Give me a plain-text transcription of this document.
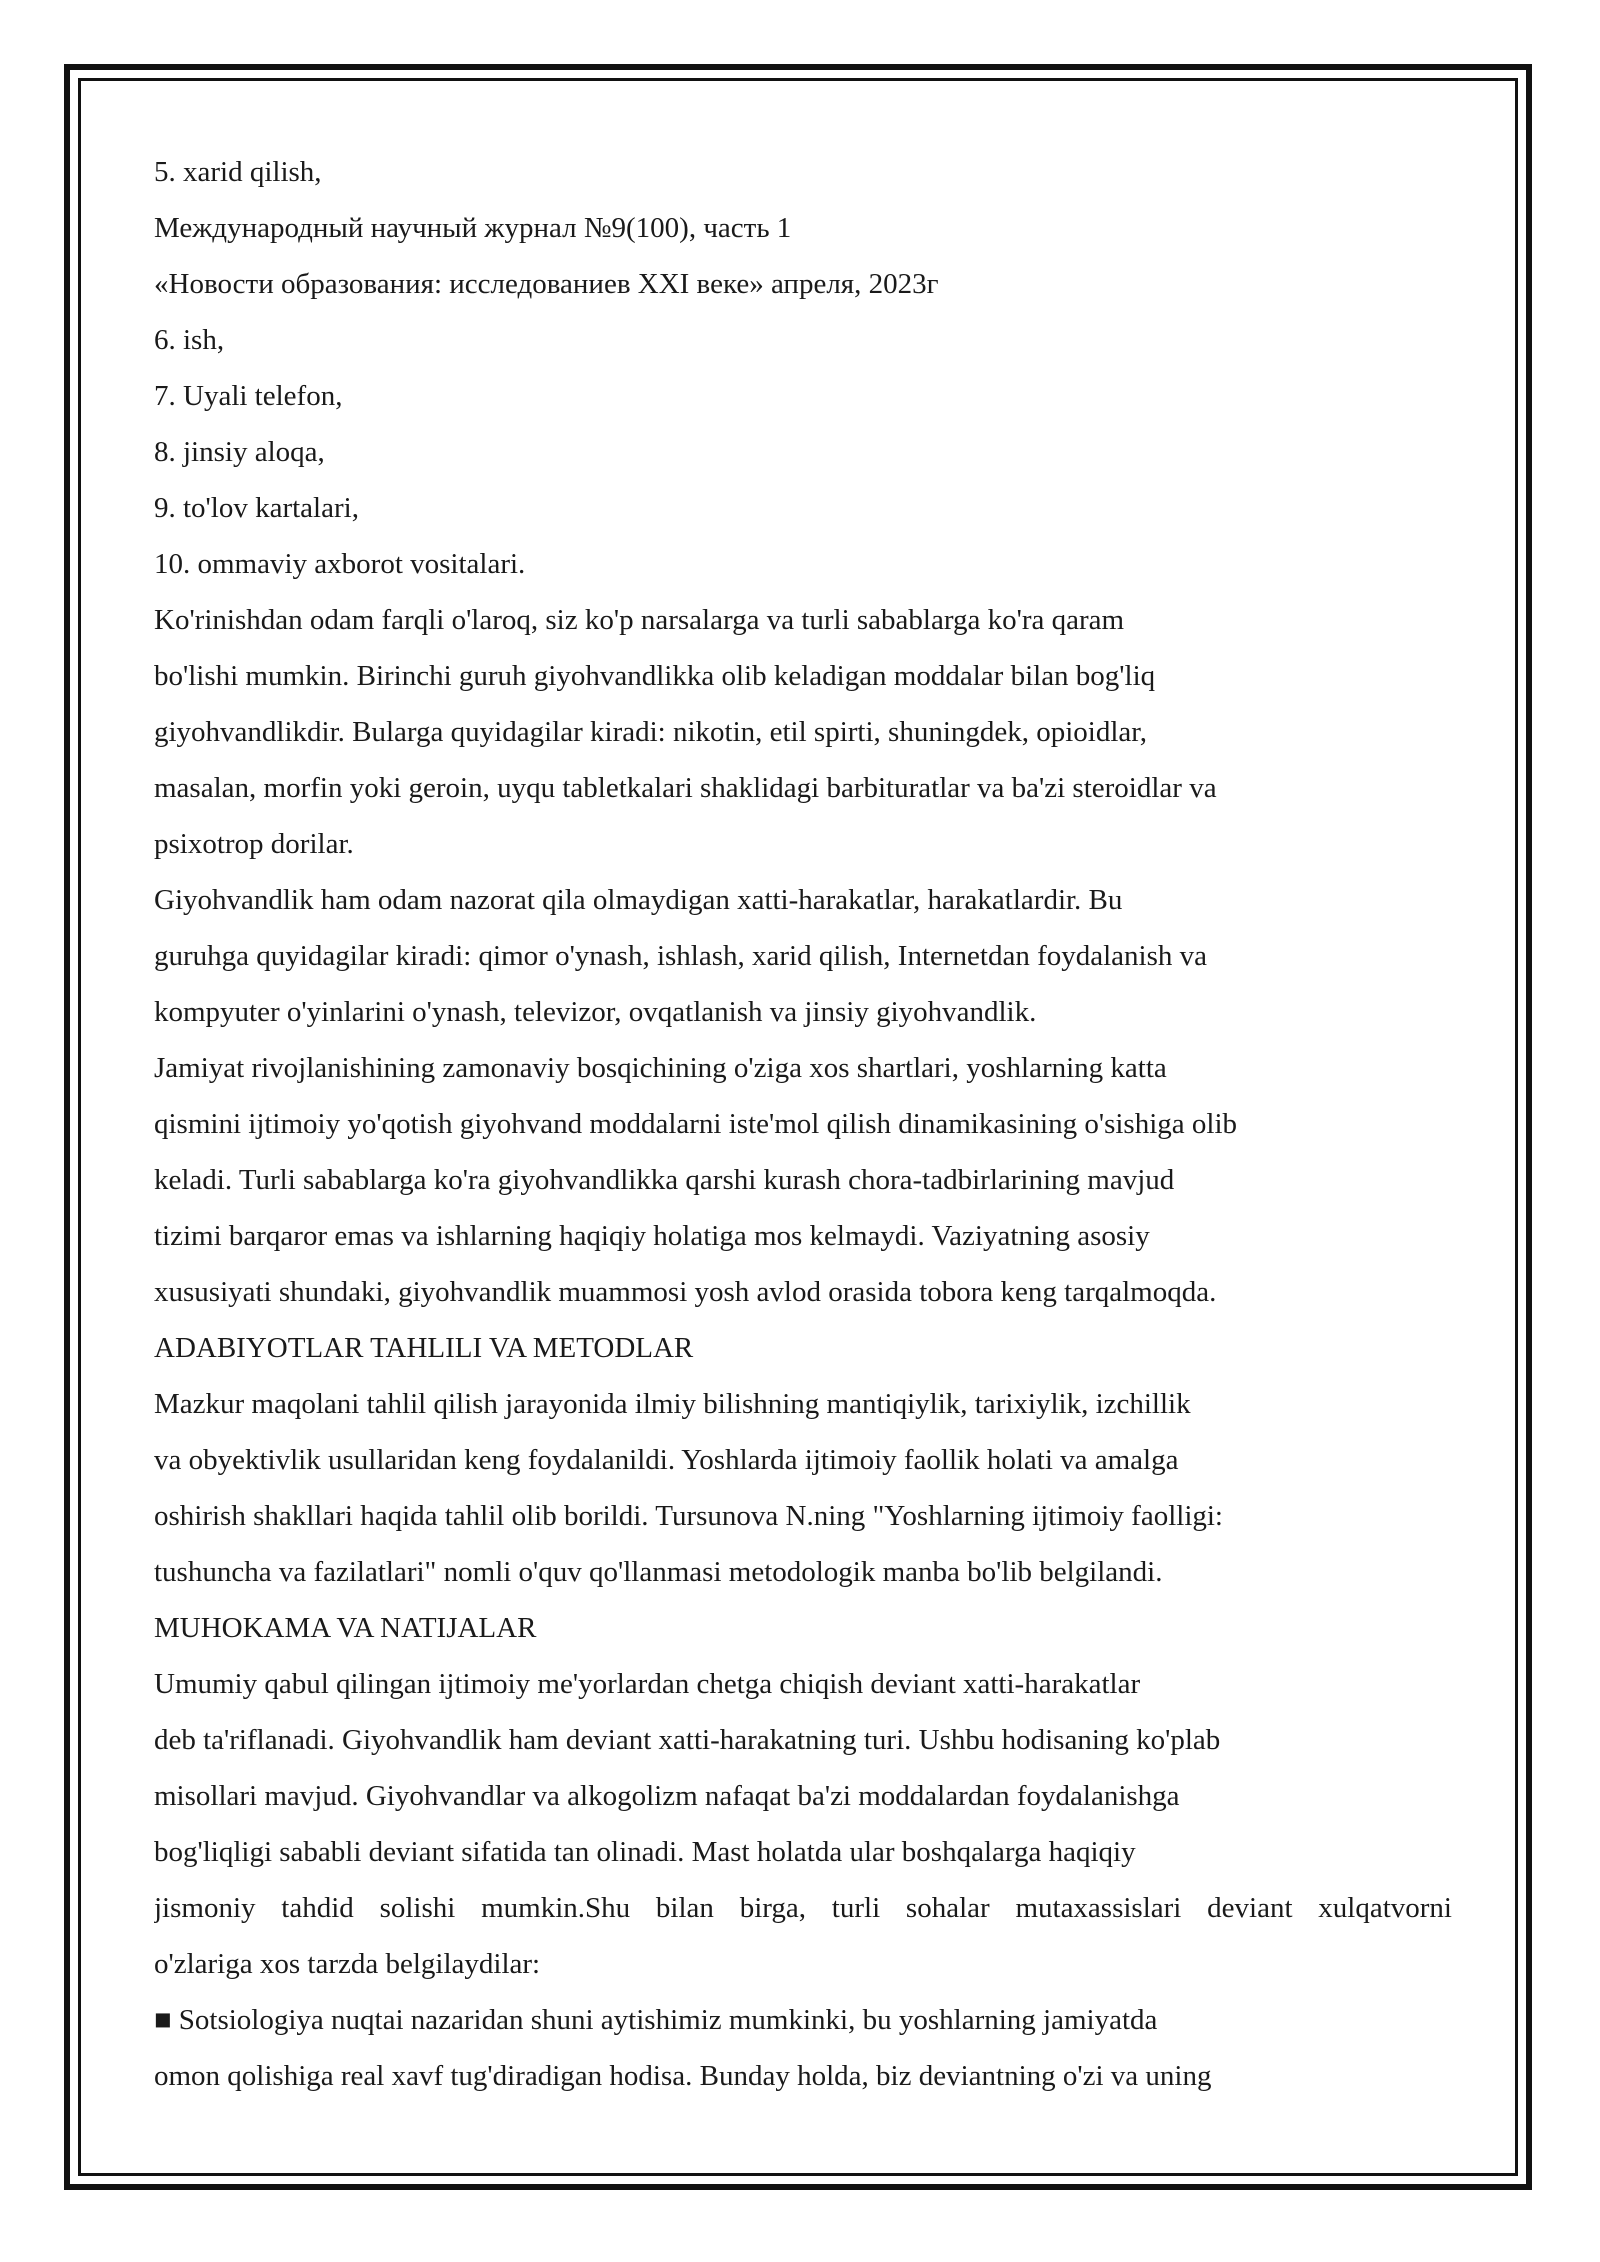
5. xarid qilish,
Международный научный журнал №9(100), часть 1
«Новости образования: исследованиев XXI веке» апреля, 2023г
6. ish,
7. Uyali telefon,
8. jinsiy aloqa,
9. to'lov kartalari,
10. ommaviy axborot vositalari.
Ko'rinishdan odam farqli o'laroq, siz ko'p narsalarga va turli sabablarga ko'ra qaram
bo'lishi mumkin. Birinchi guruh giyohvandlikka olib keladigan moddalar bilan bog'liq
giyohvandlikdir. Bularga quyidagilar kiradi: nikotin, etil spirti, shuningdek, opioidlar,
masalan, morfin yoki geroin, uyqu tabletkalari shaklidagi barbituratlar va ba'zi steroidlar va
psixotrop dorilar.
Giyohvandlik ham odam nazorat qila olmaydigan xatti-harakatlar, harakatlardir. Bu
guruhga quyidagilar kiradi: qimor o'ynash, ishlash, xarid qilish, Internetdan foydalanish va
kompyuter o'yinlarini o'ynash, televizor, ovqatlanish va jinsiy giyohvandlik.
Jamiyat rivojlanishining zamonaviy bosqichining o'ziga xos shartlari, yoshlarning katta
qismini ijtimoiy yo'qotish giyohvand moddalarni iste'mol qilish dinamikasining o'sishiga olib
keladi. Turli sabablarga ko'ra giyohvandlikka qarshi kurash chora-tadbirlarining mavjud
tizimi barqaror emas va ishlarning haqiqiy holatiga mos kelmaydi. Vaziyatning asosiy
xususiyati shundaki, giyohvandlik muammosi yosh avlod orasida tobora keng tarqalmoqda.
ADABIYOTLAR TAHLILI VA METODLAR
Mazkur maqolani tahlil qilish jarayonida ilmiy bilishning mantiqiylik, tarixiylik, izchillik
va obyektivlik usullaridan keng foydalanildi. Yoshlarda ijtimoiy faollik holati va amalga
oshirish shakllari haqida tahlil olib borildi. Tursunova N.ning "Yoshlarning ijtimoiy faolligi:
tushuncha va fazilatlari" nomli o'quv qo'llanmasi metodologik manba bo'lib belgilandi.
MUHOKAMA VA NATIJALAR
Umumiy qabul qilingan ijtimoiy me'yorlardan chetga chiqish deviant xatti-harakatlar
deb ta'riflanadi. Giyohvandlik ham deviant xatti-harakatning turi. Ushbu hodisaning ko'plab
misollari mavjud. Giyohvandlar va alkogolizm nafaqat ba'zi moddalardan foydalanishga
bog'liqligi sababli deviant sifatida tan olinadi. Mast holatda ular boshqalarga haqiqiy
jismoniy tahdid solishi mumkin.Shu bilan birga, turli sohalar mutaxassislari deviant xulqatvorni
o'zlariga xos tarzda belgilaydilar:
■ Sotsiologiya nuqtai nazaridan shuni aytishimiz mumkinki, bu yoshlarning jamiyatda
omon qolishiga real xavf tug'diradigan hodisa. Bunday holda, biz deviantning o'zi va uning
